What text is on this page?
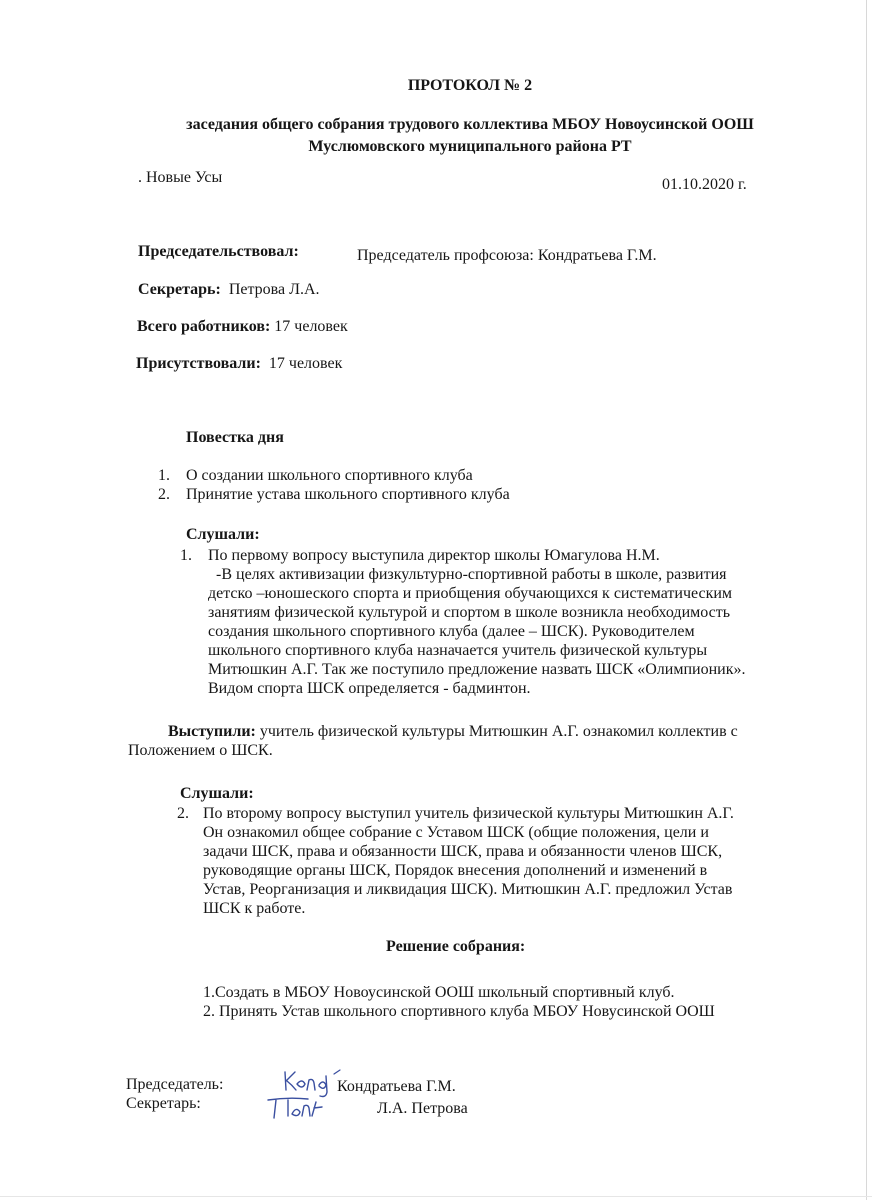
ПРОТОКОЛ № 2
заседания общего собрания трудового коллектива МБОУ Новоусинской ООШ
Муслюмовского муниципального района РТ
. Новые Усы	01.10.2020 г.
Председательствовал:	Председатель профсоюза: Кондратьева Г.М.
Секретарь: Петрова Л.А.
Всего работников: 17 человек
Присутствовали: 17 человек
Повестка дня
1. О создании школьного спортивного клуба
2. Принятие устава школьного спортивного клуба
Слушали:
1. По первому вопросу выступила директор школы Юмагулова Н.М.
-В целях активизации физкультурно-спортивной работы в школе, развития
детско –юношеского спорта и приобщения обучающихся к систематическим
занятиям физической культурой и спортом в школе возникла необходимость
создания школьного спортивного клуба (далее – ШСК). Руководителем
школьного спортивного клуба назначается учитель физической культуры
Митюшкин А.Г. Так же поступило предложение назвать ШСК «Олимпионик».
Видом спорта ШСК определяется - бадминтон.
Выступили: учитель физической культуры Митюшкин А.Г. ознакомил коллектив с
Положением о ШСК.
Слушали:
2. По второму вопросу выступил учитель физической культуры Митюшкин А.Г.
Он ознакомил общее собрание с Уставом ШСК (общие положения, цели и
задачи ШСК, права и обязанности ШСК, права и обязанности членов ШСК,
руководящие органы ШСК, Порядок внесения дополнений и изменений в
Устав, Реорганизация и ликвидация ШСК). Митюшкин А.Г. предложил Устав
ШСК к работе.
Решение собрания:
1.Создать в МБОУ Новоусинской ООШ школьный спортивный клуб.
2. Принять Устав школьного спортивного клуба МБОУ Новусинской ООШ
Председатель:	Кондратьева Г.М.
Секретарь:	Л.А. Петрова
